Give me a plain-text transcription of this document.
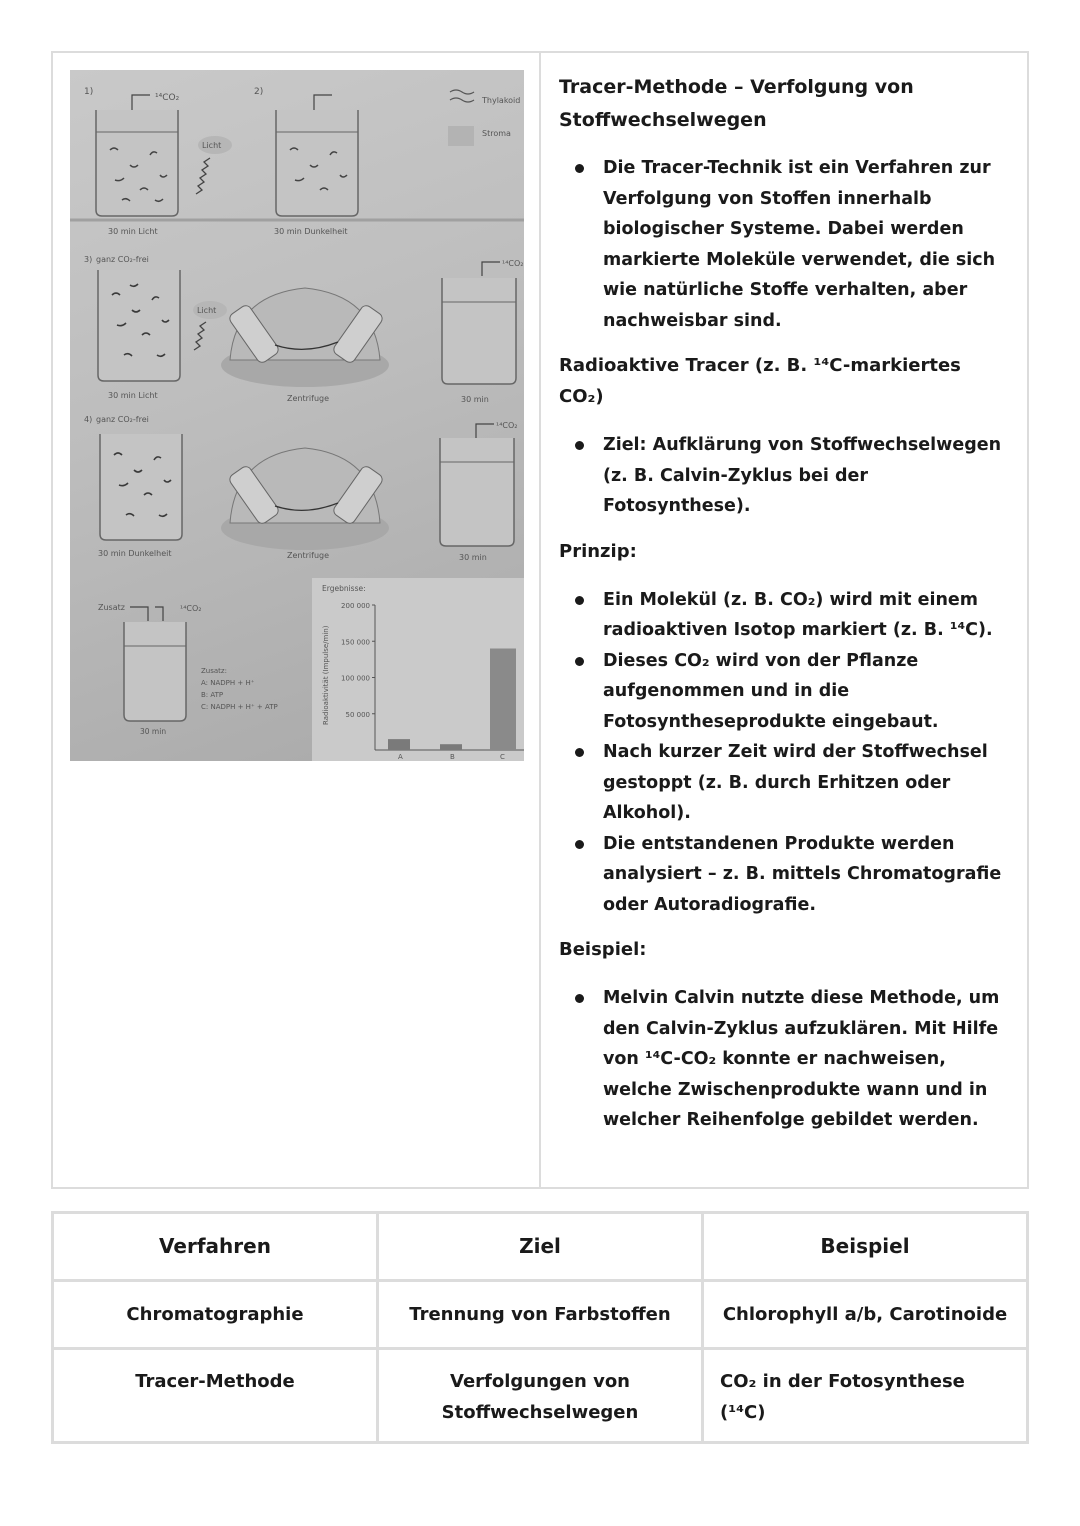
1)
¹⁴CO₂
Licht
30 min Licht
2)
30 min Dunkelheit
Thylakoid
Stroma
3) ganz CO₂-frei
Licht
30 min Licht	Zentrifuge
¹⁴CO₂
30 min
4) ganz CO₂-frei
30 min Dunkelheit	Zentrifuge
¹⁴CO₂
30 min
Zusatz	¹⁴CO₂
30 min
Zusatz:
A: NADPH + H⁺
B: ATP
C: NADPH + H⁺ + ATP
Ergebnisse:
Radioaktivität (Impulse/min)
200 000
150 000
100 000
50 000
A	B	C
Tracer-Methode – Verfolgung von Stoffwechselwegen
Die Tracer-Technik ist ein Verfahren zur Verfolgung von Stoffen innerhalb biologischer Systeme. Dabei werden markierte Moleküle verwendet, die sich wie natürliche Stoffe verhalten, aber nachweisbar sind.

Radioaktive Tracer (z. B. ¹⁴C-markiertes CO₂)

Ziel: Aufklärung von Stoffwechselwegen (z. B. Calvin-Zyklus bei der Fotosynthese).

Prinzip:

Ein Molekül (z. B. CO₂) wird mit einem radioaktiven Isotop markiert (z. B. ¹⁴C).
Dieses CO₂ wird von der Pflanze aufgenommen und in die Fotosyntheseprodukte eingebaut.
Nach kurzer Zeit wird der Stoffwechsel gestoppt (z. B. durch Erhitzen oder Alkohol).
Die entstandenen Produkte werden analysiert – z. B. mittels Chromatografie oder Autoradiografie.

Beispiel:

Melvin Calvin nutzte diese Methode, um den Calvin-Zyklus aufzuklären. Mit Hilfe von ¹⁴C-CO₂ konnte er nachweisen, welche Zwischenprodukte wann und in welcher Reihenfolge gebildet werden.
Verfahren	Ziel	Beispiel
Chromatographie	Trennung von Farbstoffen	Chlorophyll a/b, Carotinoide
Tracer-Methode	Verfolgungen von Stoffwechselwegen	CO₂ in der Fotosynthese (¹⁴C)
